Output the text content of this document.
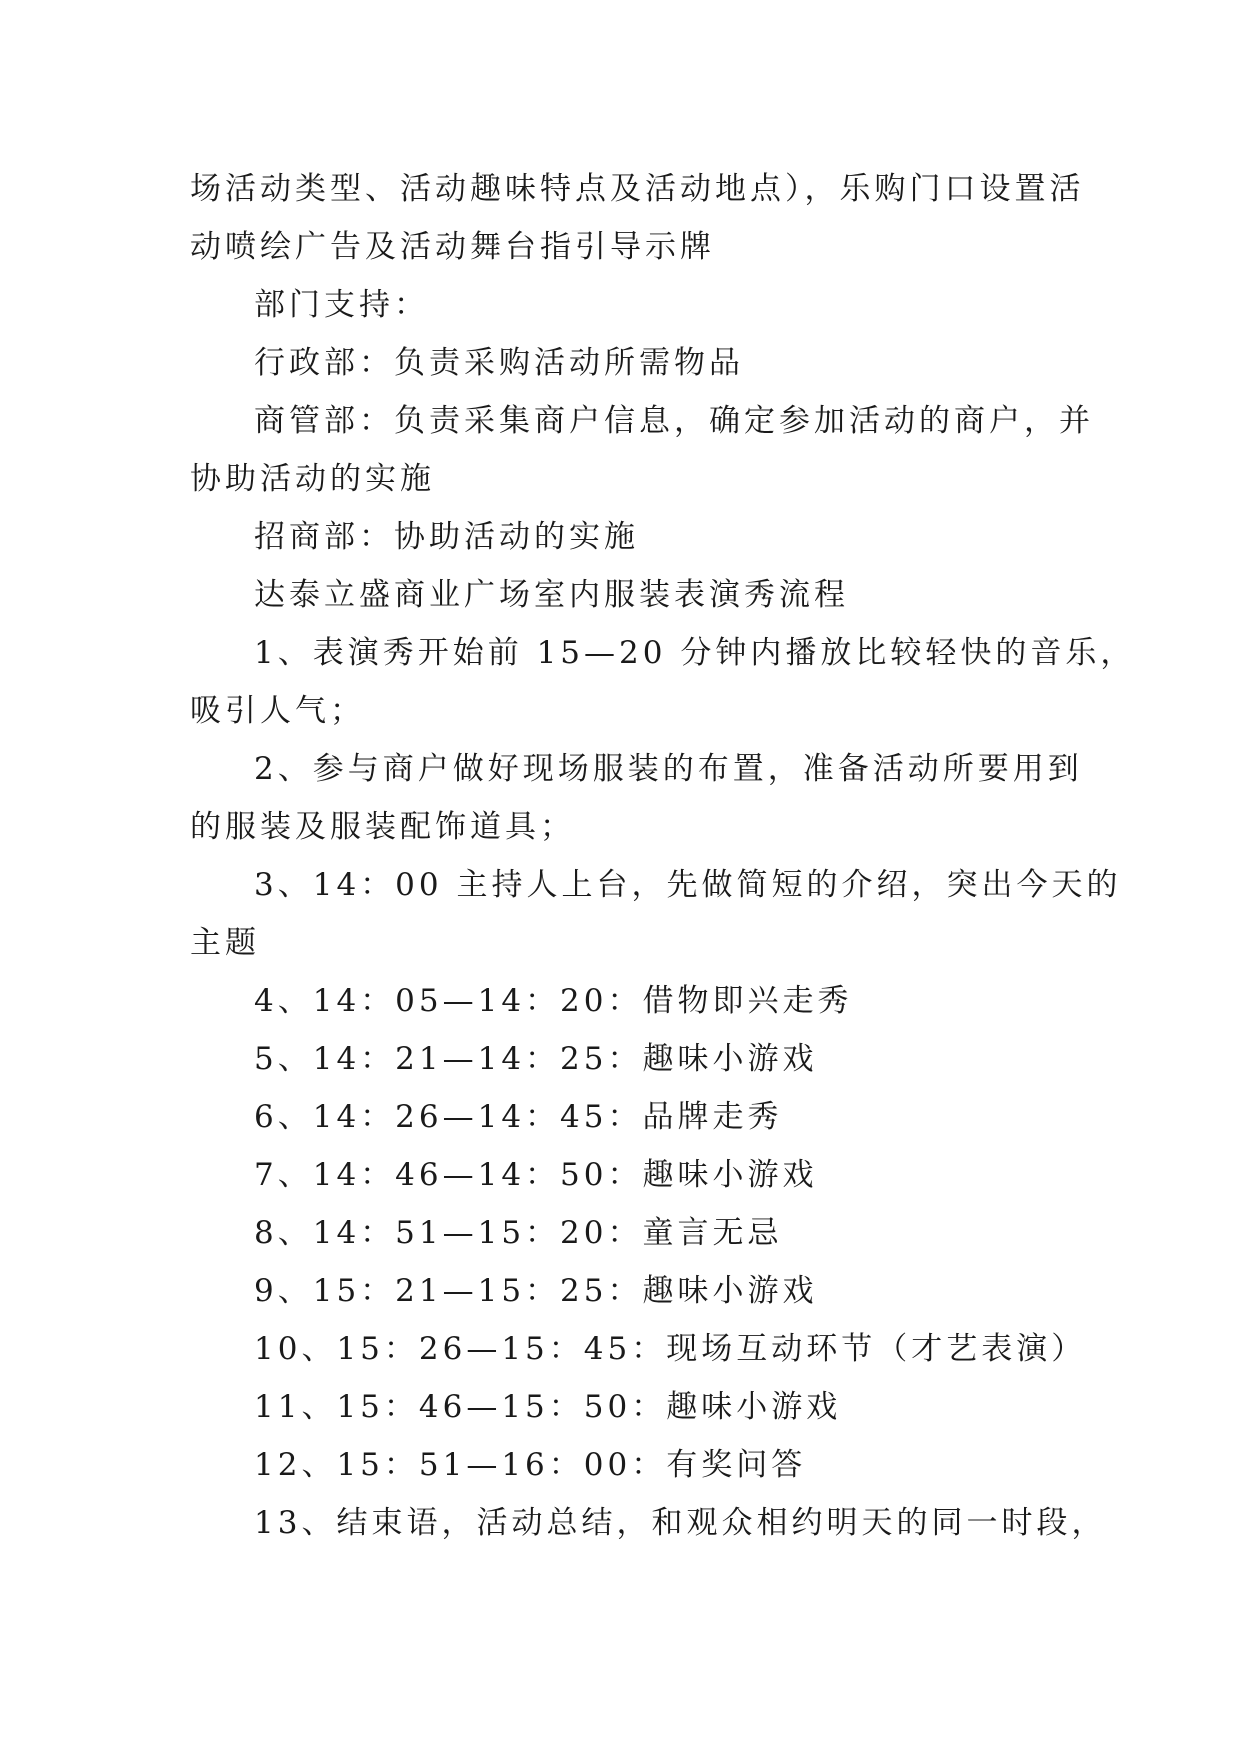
场活动类型、活动趣味特点及活动地点），乐购门口设置活
动喷绘广告及活动舞台指引导示牌
部门支持：
行政部：负责采购活动所需物品
商管部：负责采集商户信息，确定参加活动的商户，并
协助活动的实施
招商部：协助活动的实施
达泰立盛商业广场室内服装表演秀流程
1、表演秀开始前 15—20 分钟内播放比较轻快的音乐，
吸引人气；
2、参与商户做好现场服装的布置，准备活动所要用到
的服装及服装配饰道具；
3、14：00 主持人上台，先做简短的介绍，突出今天的
主题
4、14：05—14：20：借物即兴走秀
5、14：21—14：25：趣味小游戏
6、14：26—14：45：品牌走秀
7、14：46—14：50：趣味小游戏
8、14：51—15：20：童言无忌
9、15：21—15：25：趣味小游戏
10、15：26—15：45：现场互动环节（才艺表演）
11、15：46—15：50：趣味小游戏
12、15：51—16：00：有奖问答
13、结束语，活动总结，和观众相约明天的同一时段，
